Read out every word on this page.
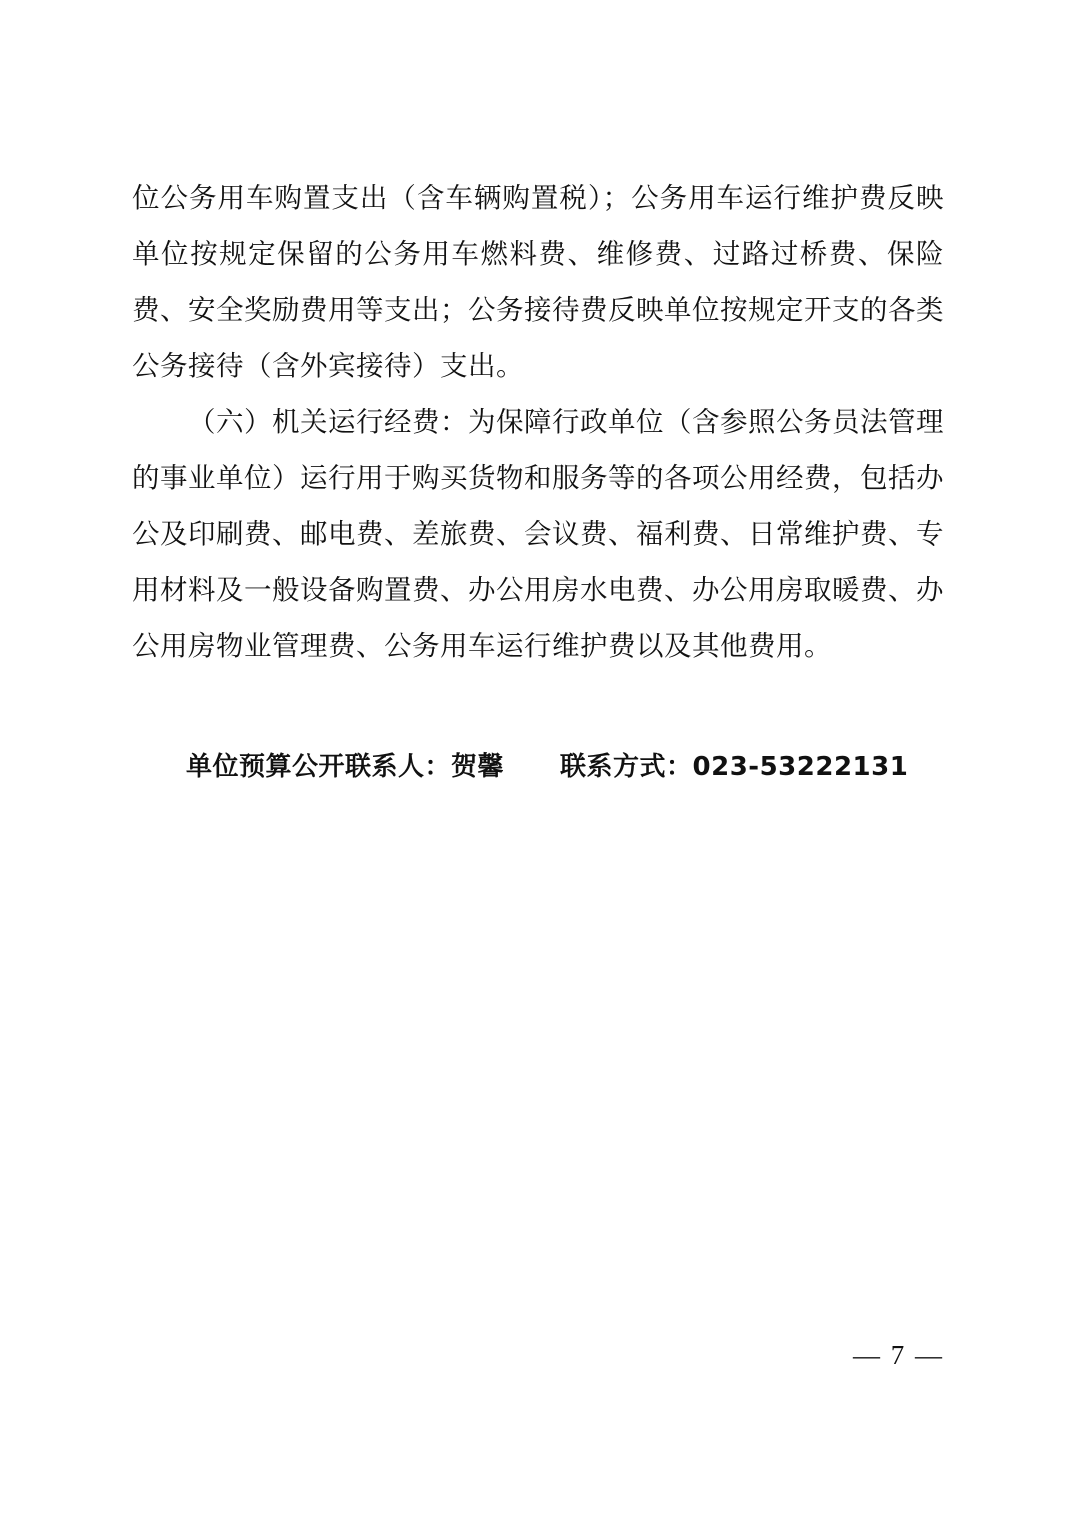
位公务用车购置支出（含车辆购置税）；公务用车运行维护费反映单位按规定保留的公务用车燃料费、维修费、过路过桥费、保险费、安全奖励费用等支出；公务接待费反映单位按规定开支的各类公务接待（含外宾接待）支出。

（六）机关运行经费：为保障行政单位（含参照公务员法管理的事业单位）运行用于购买货物和服务等的各项公用经费，包括办公及印刷费、邮电费、差旅费、会议费、福利费、日常维护费、专用材料及一般设备购置费、办公用房水电费、办公用房取暖费、办公用房物业管理费、公务用车运行维护费以及其他费用。

单位预算公开联系人：贺馨 联系方式：023-53222131
— 7 —
